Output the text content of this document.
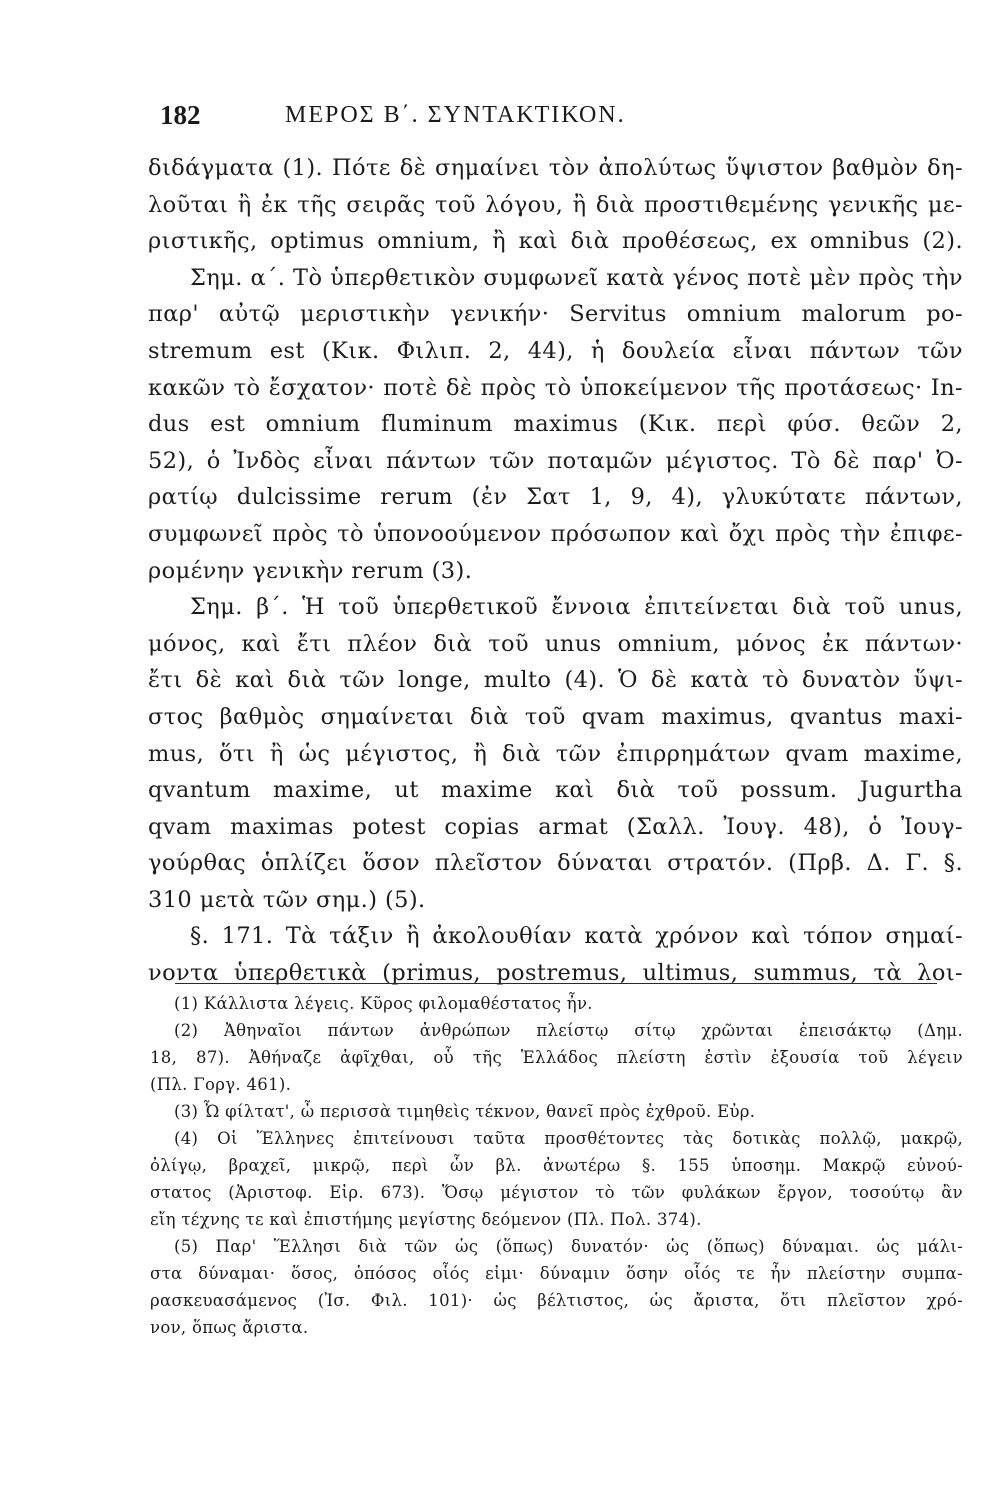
182	ΜΕΡΟΣ Β΄. ΣΥΝΤΑΚΤΙΚΟΝ.
διδάγματα (1). Πότε δὲ σημαίνει τὸν ἀπολύτως ὕψιστον βαθμὸν δη-
λοῦται ἢ ἐκ τῆς σειρᾶς τοῦ λόγου, ἢ διὰ προστιθεμένης γενικῆς με-
ριστικῆς, optimus omnium, ἢ καὶ διὰ προθέσεως, ex omnibus (2).
Σημ. α΄. Τὸ ὑπερθετικὸν συμφωνεῖ κατὰ γένος ποτὲ μὲν πρὸς τὴν
παρ' αὐτῷ μεριστικὴν γενικήν· Servitus omnium malorum po-
stremum est (Κικ. Φιλιπ. 2, 44), ἡ δουλεία εἶναι πάντων τῶν
κακῶν τὸ ἔσχατον· ποτὲ δὲ πρὸς τὸ ὑποκείμενον τῆς προτάσεως· In-
dus est omnium fluminum maximus (Κικ. περὶ φύσ. θεῶν 2,
52), ὁ Ἰνδὸς εἶναι πάντων τῶν ποταμῶν μέγιστος. Τὸ δὲ παρ' Ὀ-
ρατίῳ dulcissime rerum (ἐν Σατ 1, 9, 4), γλυκύτατε πάντων,
συμφωνεῖ πρὸς τὸ ὑπονοούμενον πρόσωπον καὶ ὄχι πρὸς τὴν ἐπιφε-
ρομένην γενικὴν rerum (3).
Σημ. β΄. Ἡ τοῦ ὑπερθετικοῦ ἔννοια ἐπιτείνεται διὰ τοῦ unus,
μόνος, καὶ ἔτι πλέον διὰ τοῦ unus omnium, μόνος ἐκ πάντων·
ἔτι δὲ καὶ διὰ τῶν longe, multo (4). Ὁ δὲ κατὰ τὸ δυνατὸν ὕψι-
στος βαθμὸς σημαίνεται διὰ τοῦ qvam maximus, qvantus maxi-
mus, ὅτι ἢ ὡς μέγιστος, ἢ διὰ τῶν ἐπιρρημάτων qvam maxime,
qvantum maxime, ut maxime καὶ διὰ τοῦ possum. Jugurtha
qvam maximas potest copias armat (Σαλλ. Ἰουγ. 48), ὁ Ἰουγ-
γούρθας ὁπλίζει ὅσον πλεῖστον δύναται στρατόν. (Πρβ. Δ. Γ. §.
310 μετὰ τῶν σημ.) (5).
§. 171. Τὰ τάξιν ἢ ἀκολουθίαν κατὰ χρόνον καὶ τόπον σημαί-
νοντα ὑπερθετικὰ (primus, postremus, ultimus, summus, τὰ λοι-
(1) Κάλλιστα λέγεις. Κῦρος φιλομαθέστατος ἦν.
(2) Ἀθηναῖοι πάντων ἀνθρώπων πλείστῳ σίτῳ χρῶνται ἐπεισάκτῳ (Δημ.
18, 87). Ἀθήναζε ἀφῖχθαι, οὗ τῆς Ἑλλάδος πλείστη ἐστὶν ἐξουσία τοῦ λέγειν
(Πλ. Γοργ. 461).
(3) Ὦ φίλτατ', ὦ περισσὰ τιμηθεὶς τέκνον, θανεῖ πρὸς ἐχθροῦ. Εὐρ.
(4) Οἱ Ἕλληνες ἐπιτείνουσι ταῦτα προσθέτοντες τὰς δοτικὰς πολλῷ, μακρῷ,
ὀλίγῳ, βραχεῖ, μικρῷ, περὶ ὧν βλ. ἀνωτέρω §. 155 ὑποσημ. Μακρῷ εὐνού-
στατος (Ἀριστοφ. Εἰρ. 673). Ὅσῳ μέγιστον τὸ τῶν φυλάκων ἔργον, τοσούτῳ ἂν
εἴη τέχνης τε καὶ ἐπιστήμης μεγίστης δεόμενον (Πλ. Πολ. 374).
(5) Παρ' Ἕλλησι διὰ τῶν ὡς (ὅπως) δυνατόν· ὡς (ὅπως) δύναμαι. ὡς μάλι-
στα δύναμαι· ὅσος, ὁπόσος οἷός εἰμι· δύναμιν ὅσην οἷός τε ἦν πλείστην συμπα-
ρασκευασάμενος (Ἰσ. Φιλ. 101)· ὡς βέλτιστος, ὡς ἄριστα, ὅτι πλεῖστον χρό-
νον, ὅπως ἄριστα.
